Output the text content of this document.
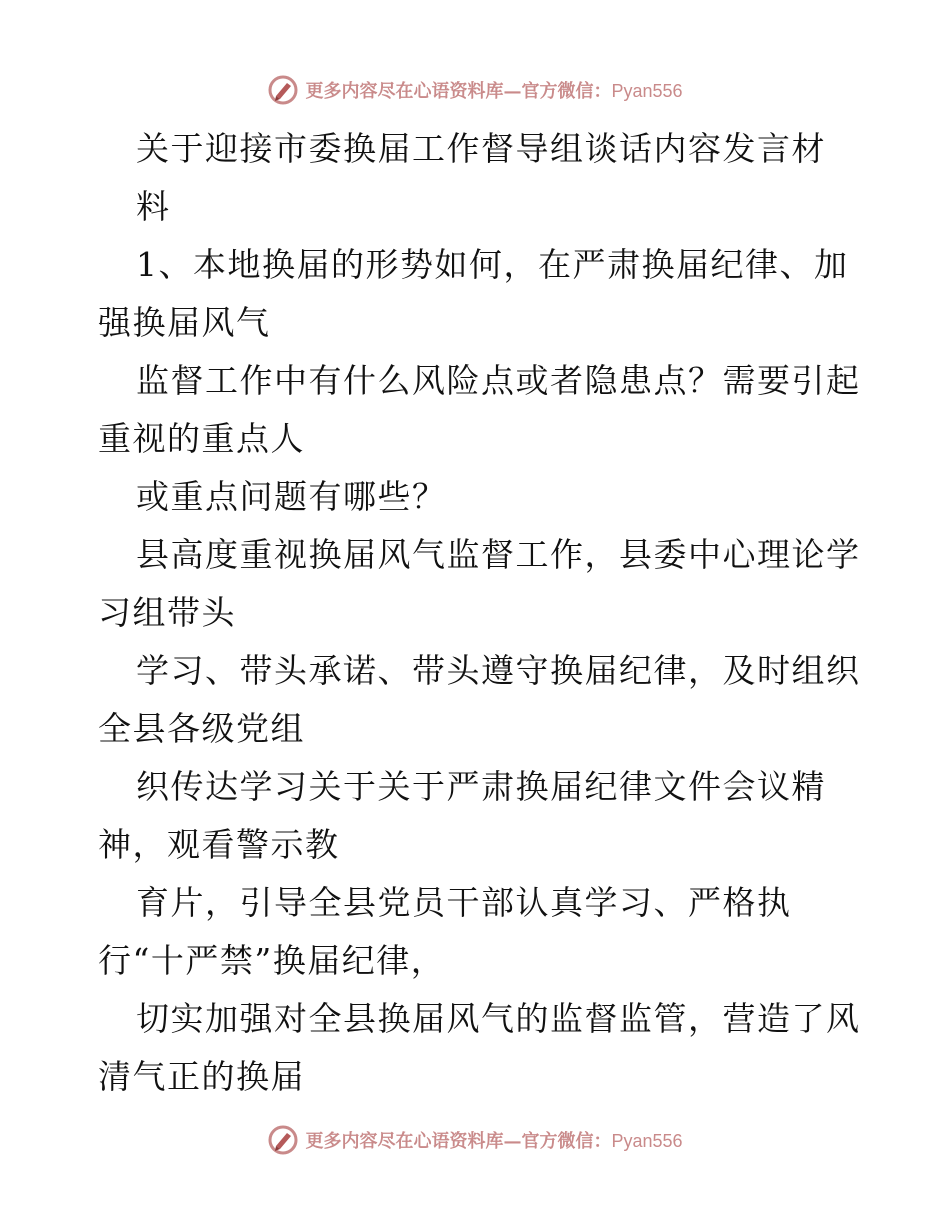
更多内容尽在心语资料库—官方微信：Pyan556
关于迎接市委换届工作督导组谈话内容发言材
料
1、本地换届的形势如何，在严肃换届纪律、加
强换届风气
监督工作中有什么风险点或者隐患点？需要引起
重视的重点人
或重点问题有哪些？
县高度重视换届风气监督工作，县委中心理论学
习组带头
学习、带头承诺、带头遵守换届纪律，及时组织
全县各级党组
织传达学习关于关于严肃换届纪律文件会议精
神，观看警示教
育片，引导全县党员干部认真学习、严格执
行“十严禁”换届纪律，
切实加强对全县换届风气的监督监管，营造了风
清气正的换届
更多内容尽在心语资料库—官方微信：Pyan556
